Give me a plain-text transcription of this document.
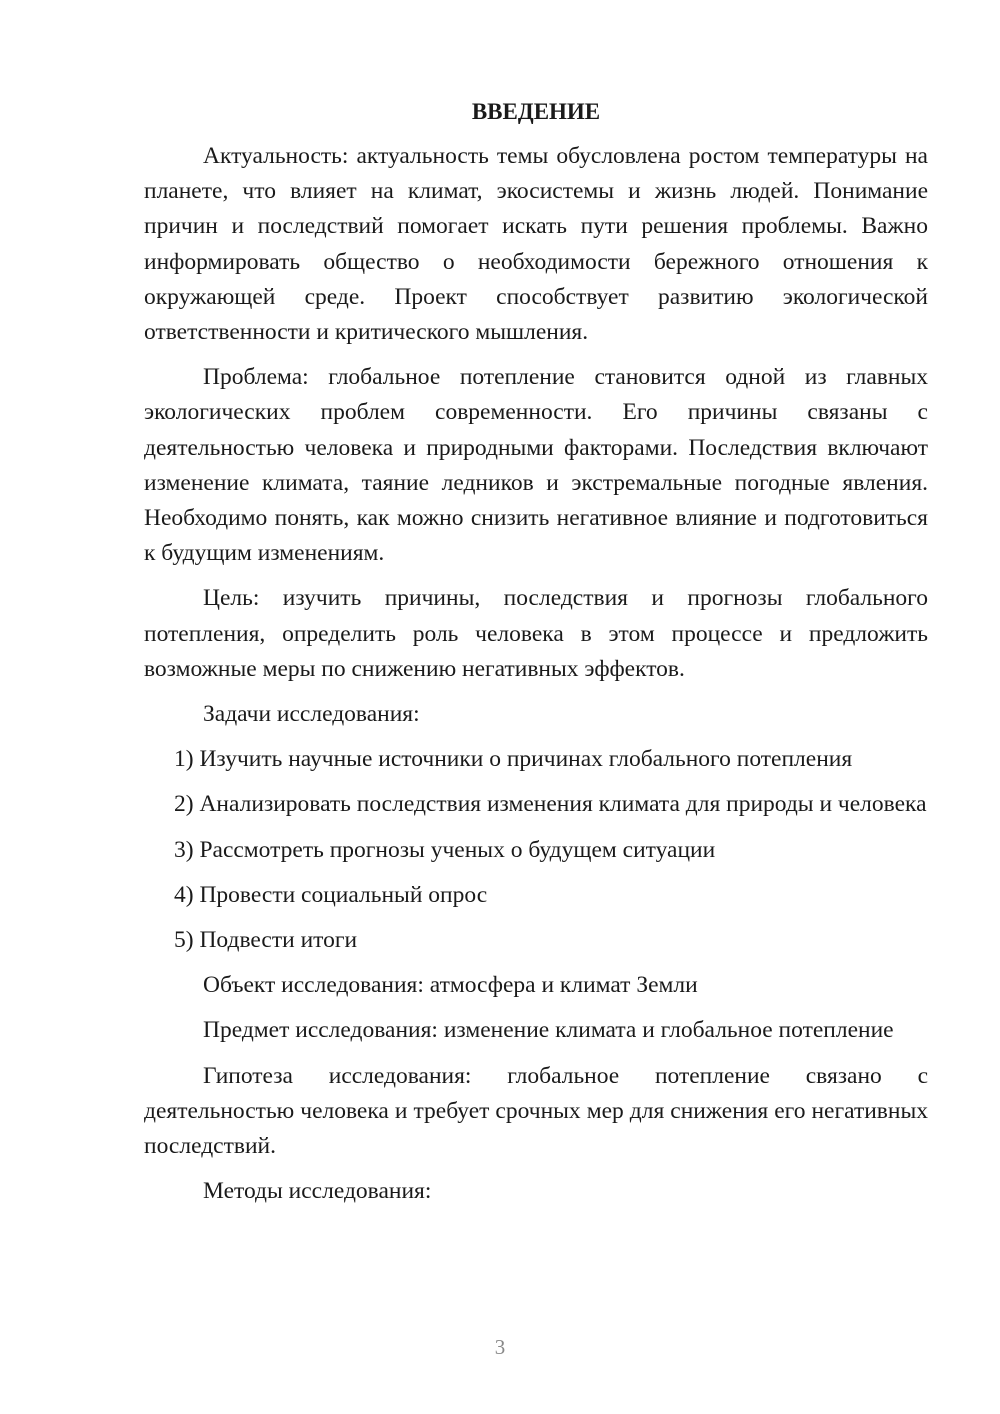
ВВЕДЕНИЕ

Актуальность: актуальность темы обусловлена ростом температуры на планете, что влияет на климат, экосистемы и жизнь людей. Понимание причин и последствий помогает искать пути решения проблемы. Важно информировать общество о необходимости бережного отношения к окружающей среде. Проект способствует развитию экологической ответственности и критического мышления.

Проблема: глобальное потепление становится одной из главных экологических проблем современности. Его причины связаны с деятельностью человека и природными факторами. Последствия включают изменение климата, таяние ледников и экстремальные погодные явления. Необходимо понять, как можно снизить негативное влияние и подготовиться к будущим изменениям.

Цель: изучить причины, последствия и прогнозы глобального потепления, определить роль человека в этом процессе и предложить возможные меры по снижению негативных эффектов.

Задачи исследования:

1) Изучить научные источники о причинах глобального потепления

2) Анализировать последствия изменения климата для природы и человека

3) Рассмотреть прогнозы ученых о будущем ситуации

4) Провести социальный опрос

5) Подвести итоги

Объект исследования: атмосфера и климат Земли

Предмет исследования: изменение климата и глобальное потепление

Гипотеза исследования: глобальное потепление связано с деятельностью человека и требует срочных мер для снижения его негативных последствий.

Методы исследования:

3
